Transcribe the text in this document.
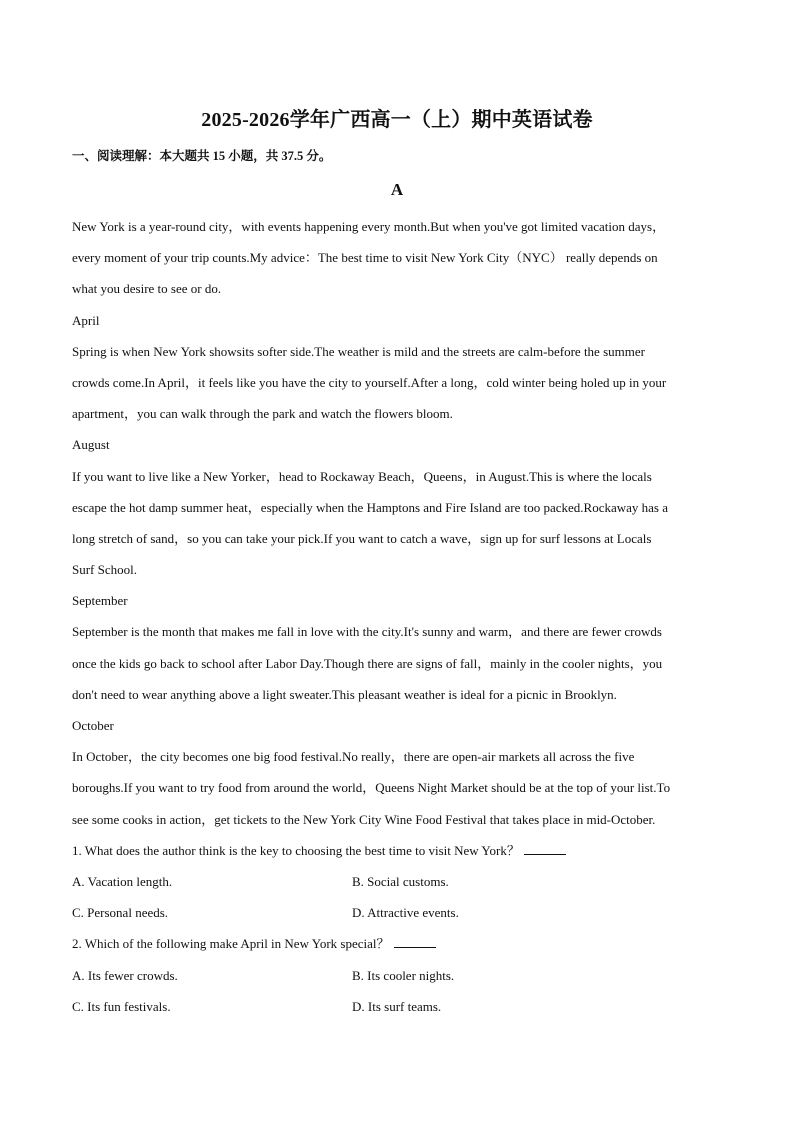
2025-2026学年广西高一（上）期中英语试卷
一、阅读理解：本大题共 15 小题，共 37.5 分。
A
New York is a year-round city，with events happening every month.But when you've got limited vacation days，
every moment of your trip counts.My advice：The best time to visit New York City（NYC） really depends on
what you desire to see or do.
April
Spring is when New York showsits softer side.The weather is mild and the streets are calm-before the summer
crowds come.In April，it feels like you have the city to yourself.After a long，cold winter being holed up in your
apartment，you can walk through the park and watch the flowers bloom.
August
If you want to live like a New Yorker，head to Rockaway Beach，Queens，in August.This is where the locals
escape the hot damp summer heat，especially when the Hamptons and Fire Island are too packed.Rockaway has a
long stretch of sand，so you can take your pick.If you want to catch a wave，sign up for surf lessons at Locals
Surf School.
September
September is the month that makes me fall in love with the city.It's sunny and warm，and there are fewer crowds
once the kids go back to school after Labor Day.Though there are signs of fall，mainly in the cooler nights，you
don't need to wear anything above a light sweater.This pleasant weather is ideal for a picnic in Brooklyn.
October
In October，the city becomes one big food festival.No really，there are open-air markets all across the five
boroughs.If you want to try food from around the world，Queens Night Market should be at the top of your list.To
see some cooks in action，get tickets to the New York City Wine Food Festival that takes place in mid-October.
1. What does the author think is the key to choosing the best time to visit New York？
A. Vacation length.	B. Social customs.
C. Personal needs.	D. Attractive events.
2. Which of the following make April in New York special？
A. Its fewer crowds.	B. Its cooler nights.
C. Its fun festivals.	D. Its surf teams.
